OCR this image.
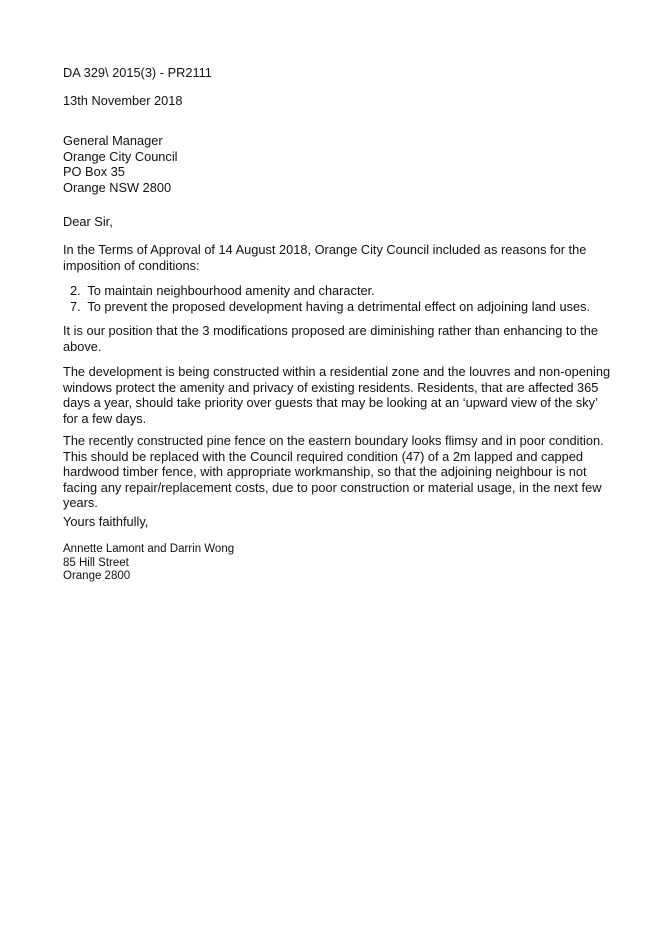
DA 329\ 2015(3) - PR2111
13th November 2018
General Manager
Orange City Council
PO Box 35
Orange NSW 2800
Dear Sir,
In the Terms of Approval of 14 August 2018, Orange City Council included as reasons for the imposition of conditions:
2. To maintain neighbourhood amenity and character.
7. To prevent the proposed development having a detrimental effect on adjoining land uses.
It is our position that the 3 modifications proposed are diminishing rather than enhancing to the above.
The development is being constructed within a residential zone and the louvres and non-opening windows protect the amenity and privacy of existing residents. Residents, that are affected 365 days a year, should take priority over guests that may be looking at an ‘upward view of the sky’ for a few days.
The recently constructed pine fence on the eastern boundary looks flimsy and in poor condition. This should be replaced with the Council required condition (47) of a 2m lapped and capped hardwood timber fence, with appropriate workmanship, so that the adjoining neighbour is not facing any repair/replacement costs, due to poor construction or material usage, in the next few years.
Yours faithfully,
Annette Lamont and Darrin Wong
85 Hill Street
Orange 2800
